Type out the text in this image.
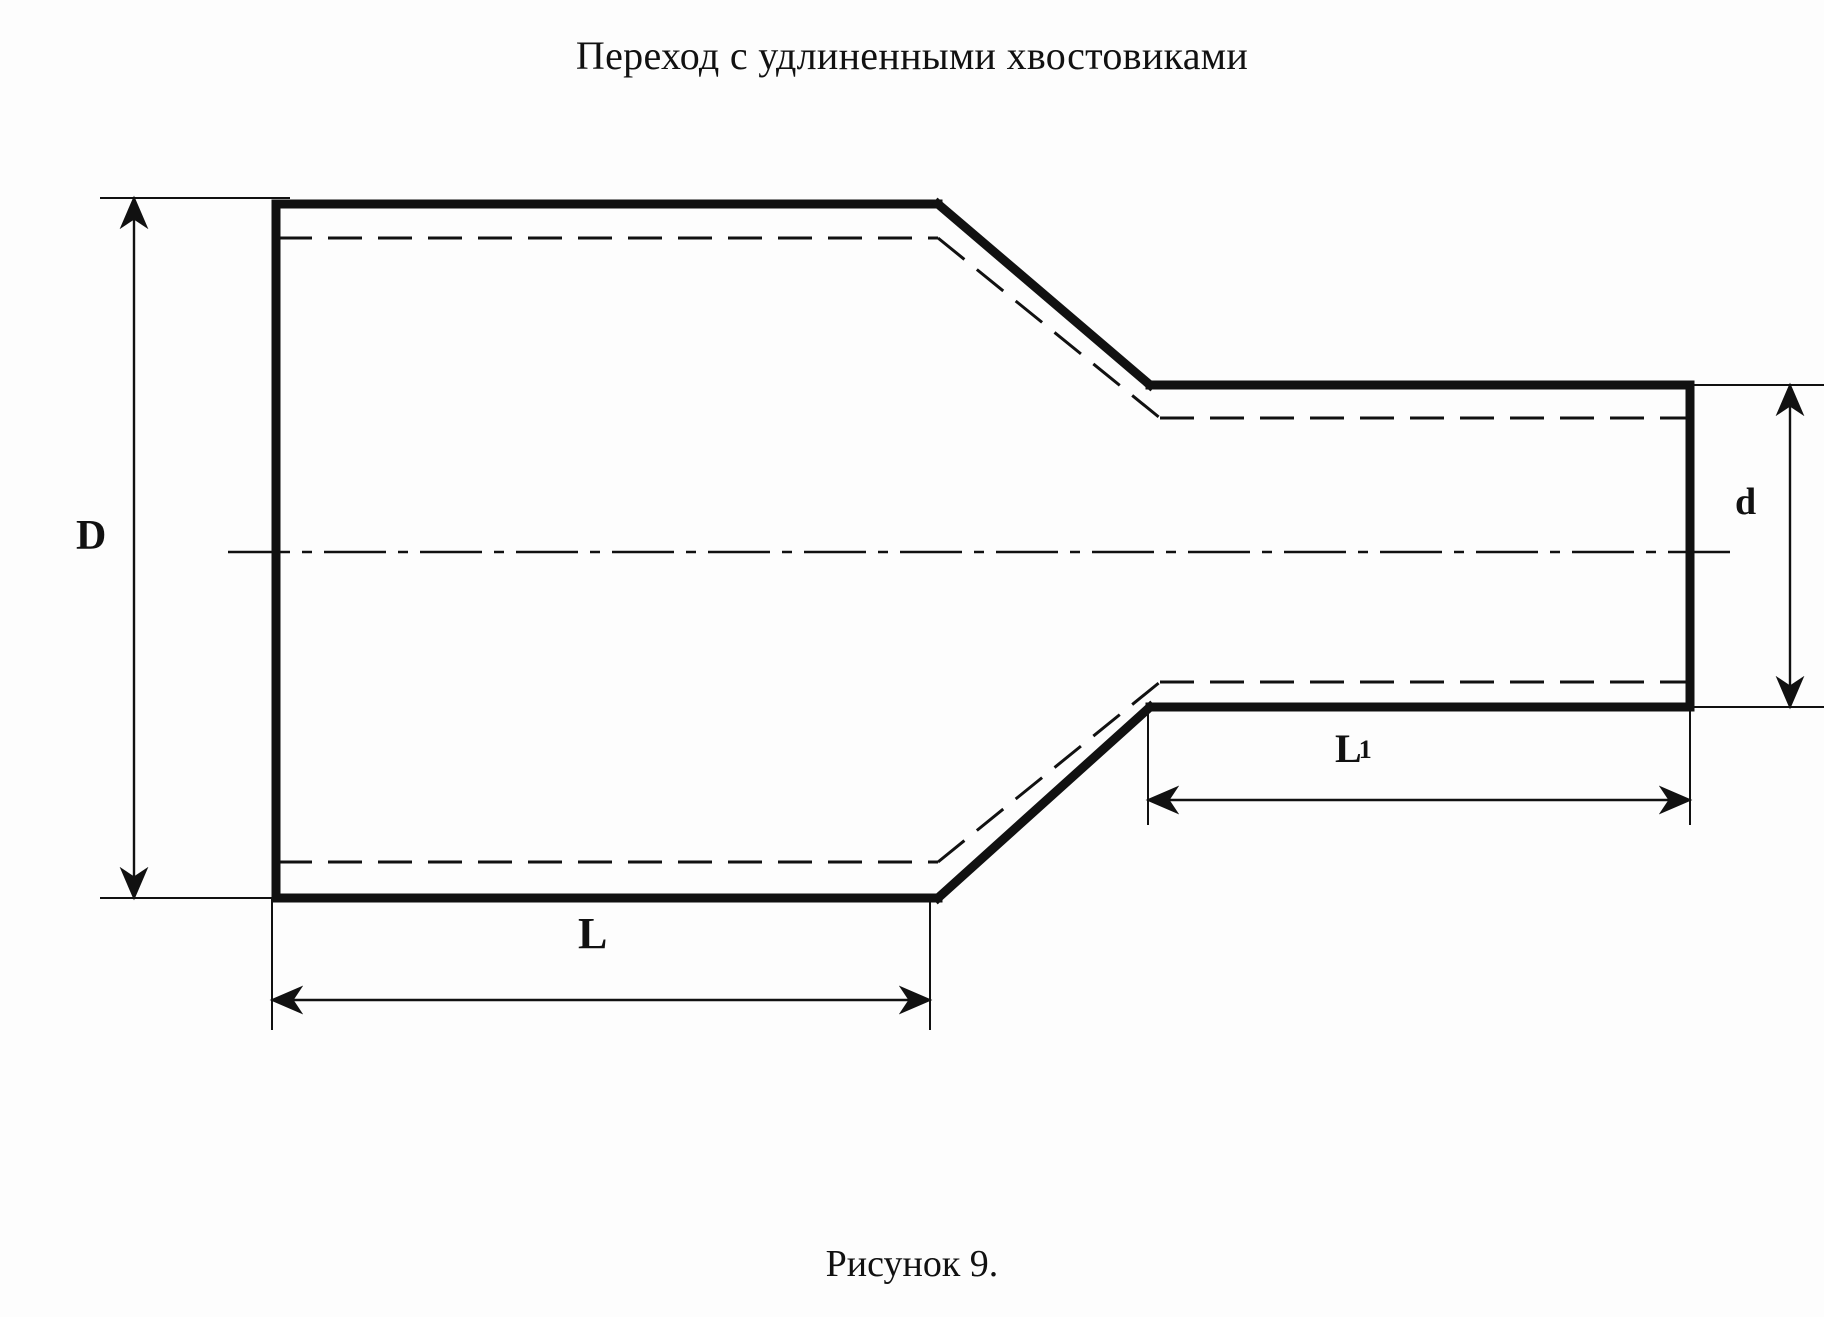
Переход с удлиненными хвостовиками
D
d
L
L1
Рисунок 9.
